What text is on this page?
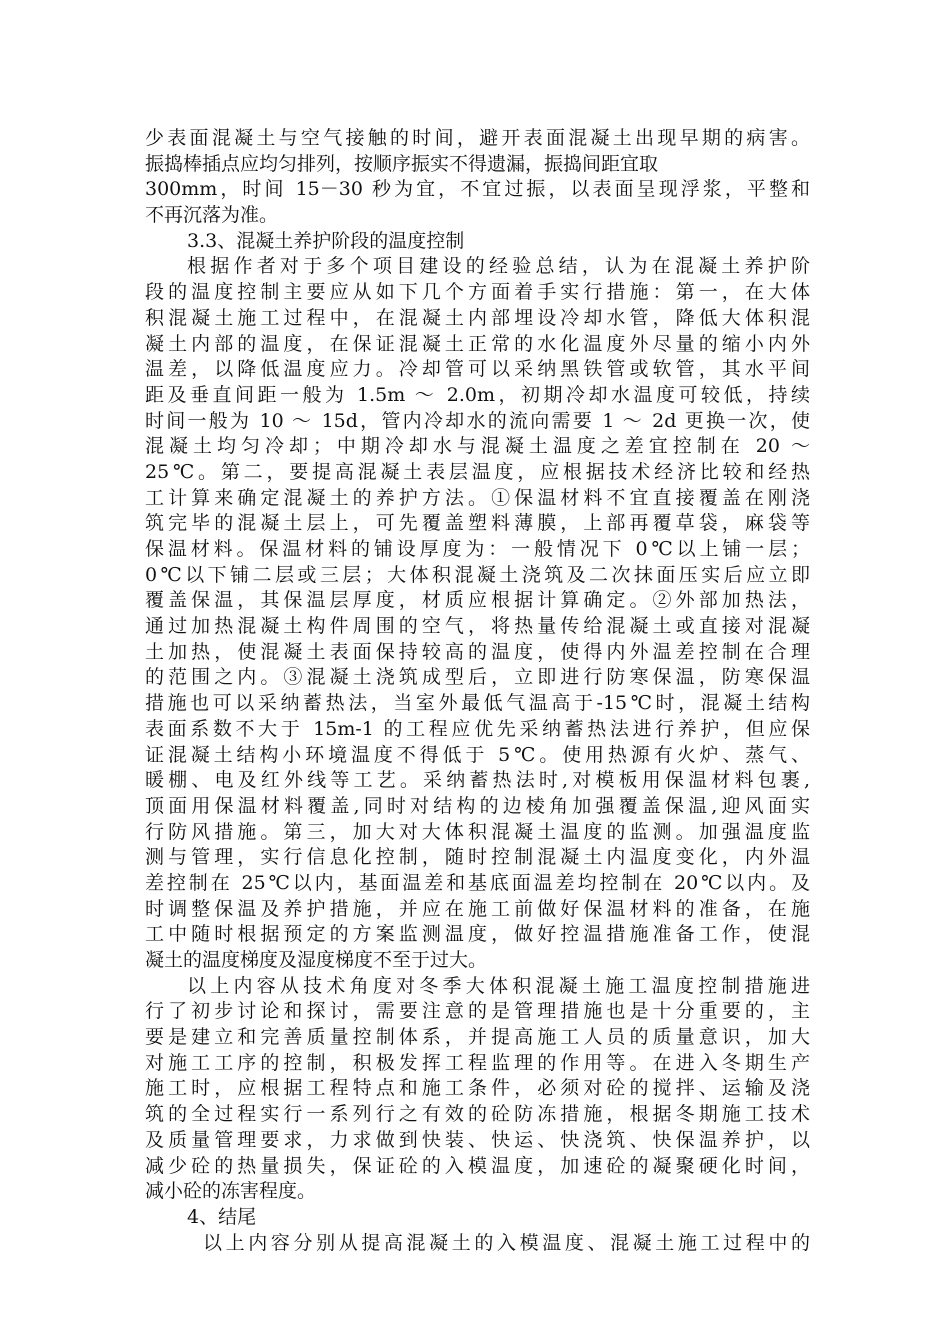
少表面混凝土与空气接触的时间，避开表面混凝土出现早期的病害。
振捣棒插点应均匀排列，按顺序振实不得遗漏，振捣间距宜取
300mm，时间 15－30 秒为宜，不宜过振，以表面呈现浮浆，平整和
不再沉落为准。
3.3、混凝土养护阶段的温度控制
根据作者对于多个项目建设的经验总结，认为在混凝土养护阶
段的温度控制主要应从如下几个方面着手实行措施：第一，在大体
积混凝土施工过程中，在混凝土内部埋设冷却水管，降低大体积混
凝土内部的温度，在保证混凝土正常的水化温度外尽量的缩小内外
温差，以降低温度应力。冷却管可以采纳黑铁管或软管，其水平间
距及垂直间距一般为 1.5m ～ 2.0m，初期冷却水温度可较低，持续
时间一般为 10 ～ 15d，管内冷却水的流向需要 1 ～ 2d 更换一次，使
混凝土均匀冷却；中期冷却水与混凝土温度之差宜控制在 20 ～
25℃。第二，要提高混凝土表层温度，应根据技术经济比较和经热
工计算来确定混凝土的养护方法。①保温材料不宜直接覆盖在刚浇
筑完毕的混凝土层上，可先覆盖塑料薄膜，上部再覆草袋，麻袋等
保温材料。保温材料的铺设厚度为：一般情况下 0℃以上铺一层；
0℃以下铺二层或三层；大体积混凝土浇筑及二次抹面压实后应立即
覆盖保温，其保温层厚度，材质应根据计算确定。②外部加热法，
通过加热混凝土构件周围的空气，将热量传给混凝土或直接对混凝
土加热，使混凝土表面保持较高的温度，使得内外温差控制在合理
的范围之内。③混凝土浇筑成型后，立即进行防寒保温，防寒保温
措施也可以采纳蓄热法，当室外最低气温高于-15℃时，混凝土结构
表面系数不大于 15m-1 的工程应优先采纳蓄热法进行养护，但应保
证混凝土结构小环境温度不得低于 5℃。使用热源有火炉、蒸气、
暖棚、电及红外线等工艺。采纳蓄热法时,对模板用保温材料包裹,
顶面用保温材料覆盖,同时对结构的边棱角加强覆盖保温,迎风面实
行防风措施。第三，加大对大体积混凝土温度的监测。加强温度监
测与管理，实行信息化控制，随时控制混凝土内温度变化，内外温
差控制在 25℃以内，基面温差和基底面温差均控制在 20℃以内。及
时调整保温及养护措施，并应在施工前做好保温材料的准备，在施
工中随时根据预定的方案监测温度，做好控温措施准备工作，使混
凝土的温度梯度及湿度梯度不至于过大。
以上内容从技术角度对冬季大体积混凝土施工温度控制措施进
行了初步讨论和探讨，需要注意的是管理措施也是十分重要的，主
要是建立和完善质量控制体系，并提高施工人员的质量意识，加大
对施工工序的控制，积极发挥工程监理的作用等。在进入冬期生产
施工时，应根据工程特点和施工条件，必须对砼的搅拌、运输及浇
筑的全过程实行一系列行之有效的砼防冻措施，根据冬期施工技术
及质量管理要求，力求做到快装、快运、快浇筑、快保温养护，以
减少砼的热量损失，保证砼的入模温度，加速砼的凝聚硬化时间，
减小砼的冻害程度。
4、结尾
以上内容分别从提高混凝土的入模温度、混凝土施工过程中的
